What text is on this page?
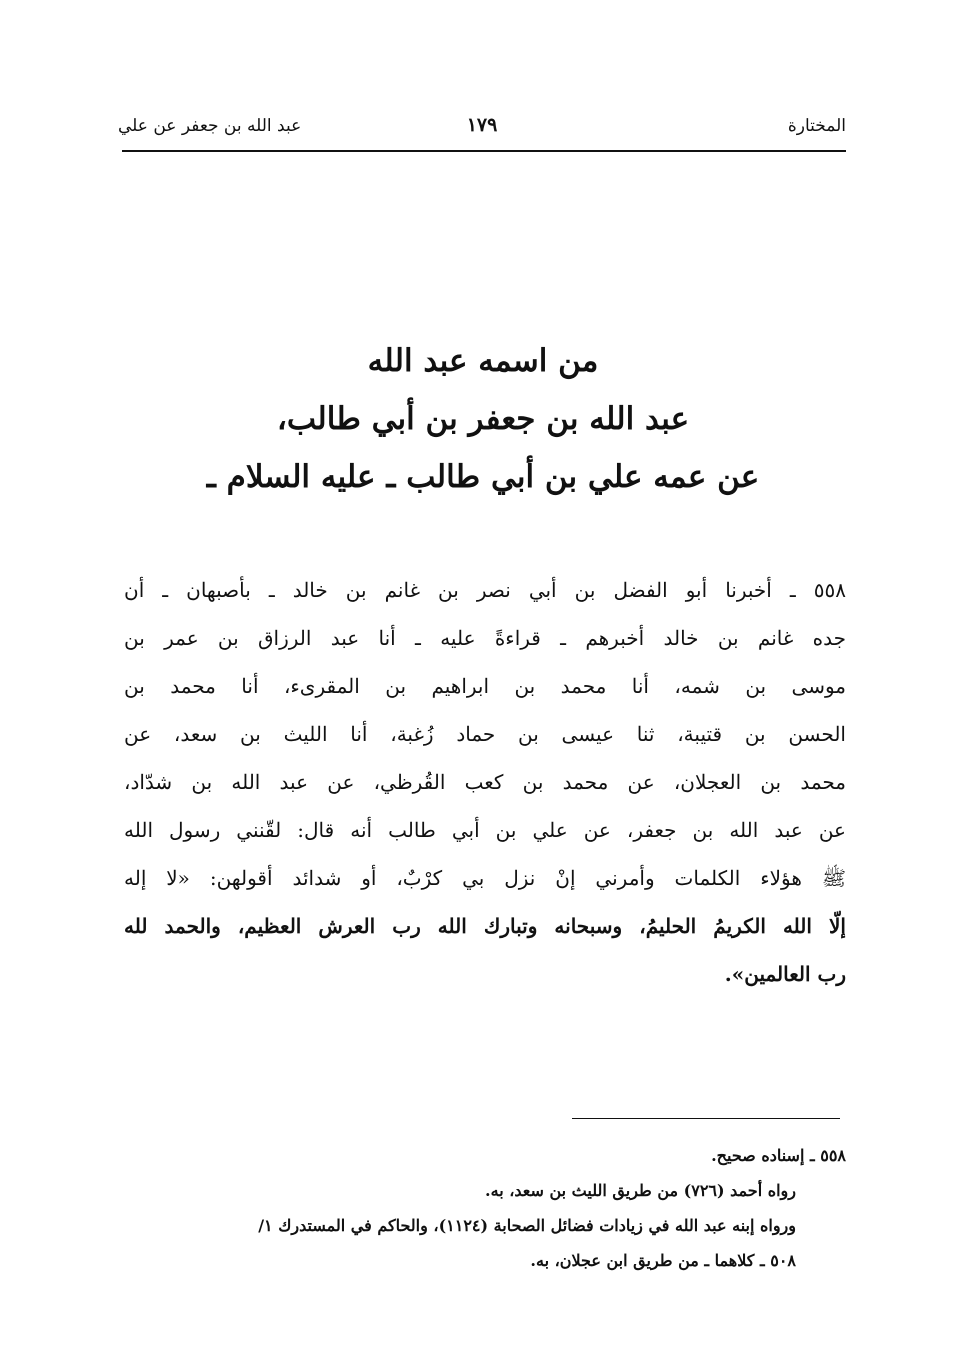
المختارة
١٧٩
عبد الله بن جعفر عن علي
من اسمه عبد الله
عبد الله بن جعفر بن أبي طالب،
عن عمه علي بن أبي طالب ـ عليه السلام ـ
٥٥٨ ـ أخبرنا أبو الفضل بن أبي نصر بن غانم بن خالد ـ بأصبهان ـ أن
جده غانم بن خالد أخبرهم ـ قراءةً عليه ـ أنا عبد الرزاق بن عمر بن
موسى بن شمه، أنا محمد بن ابراهيم بن المقرىء، أنا محمد بن
الحسن بن قتيبة، ثنا عيسى بن حماد زُغبة، أنا الليث بن سعد، عن
محمد بن العجلان، عن محمد بن كعب القُرظي، عن عبد الله بن شدّاد،
عن عبد الله بن جعفر، عن علي بن أبي طالب أنه قال: لقّنني رسول الله
ﷺ هؤلاء الكلمات وأمرني إنْ نزل بي كرْبٌ، أو شدائد أقولهن: «لا إله
إلّا الله الكريمُ الحليمُ، وسبحانه وتبارك الله رب العرش العظيم، والحمد لله
رب العالمين».
٥٥٨ ـ إسناده صحيح.
رواه أحمد (٧٢٦) من طريق الليث بن سعد، به.
ورواه إبنه عبد الله في زيادات فضائل الصحابة (١١٢٤)، والحاكم في المستدرك ١/
٥٠٨ ـ كلاهما ـ من طريق ابن عجلان، به.
